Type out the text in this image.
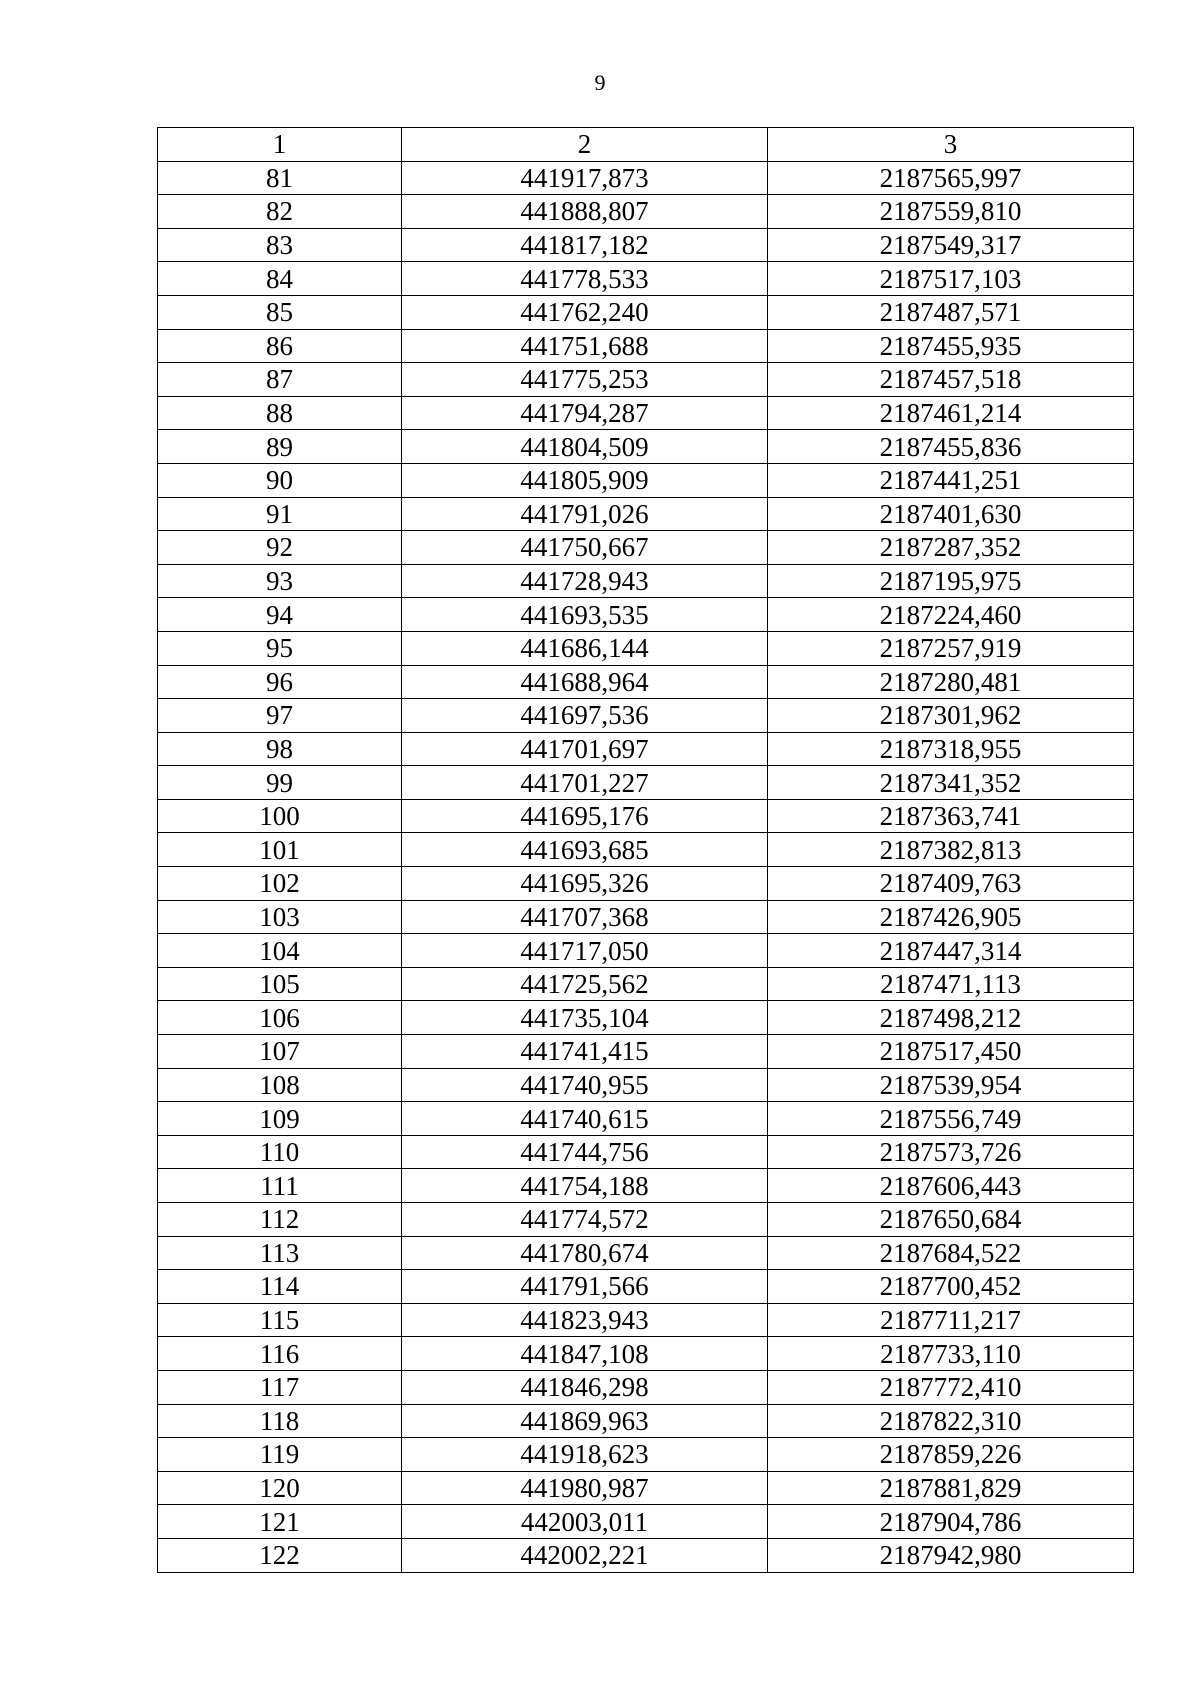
9
1	2	3
81	441917,873	2187565,997
82	441888,807	2187559,810
83	441817,182	2187549,317
84	441778,533	2187517,103
85	441762,240	2187487,571
86	441751,688	2187455,935
87	441775,253	2187457,518
88	441794,287	2187461,214
89	441804,509	2187455,836
90	441805,909	2187441,251
91	441791,026	2187401,630
92	441750,667	2187287,352
93	441728,943	2187195,975
94	441693,535	2187224,460
95	441686,144	2187257,919
96	441688,964	2187280,481
97	441697,536	2187301,962
98	441701,697	2187318,955
99	441701,227	2187341,352
100	441695,176	2187363,741
101	441693,685	2187382,813
102	441695,326	2187409,763
103	441707,368	2187426,905
104	441717,050	2187447,314
105	441725,562	2187471,113
106	441735,104	2187498,212
107	441741,415	2187517,450
108	441740,955	2187539,954
109	441740,615	2187556,749
110	441744,756	2187573,726
111	441754,188	2187606,443
112	441774,572	2187650,684
113	441780,674	2187684,522
114	441791,566	2187700,452
115	441823,943	2187711,217
116	441847,108	2187733,110
117	441846,298	2187772,410
118	441869,963	2187822,310
119	441918,623	2187859,226
120	441980,987	2187881,829
121	442003,011	2187904,786
122	442002,221	2187942,980
